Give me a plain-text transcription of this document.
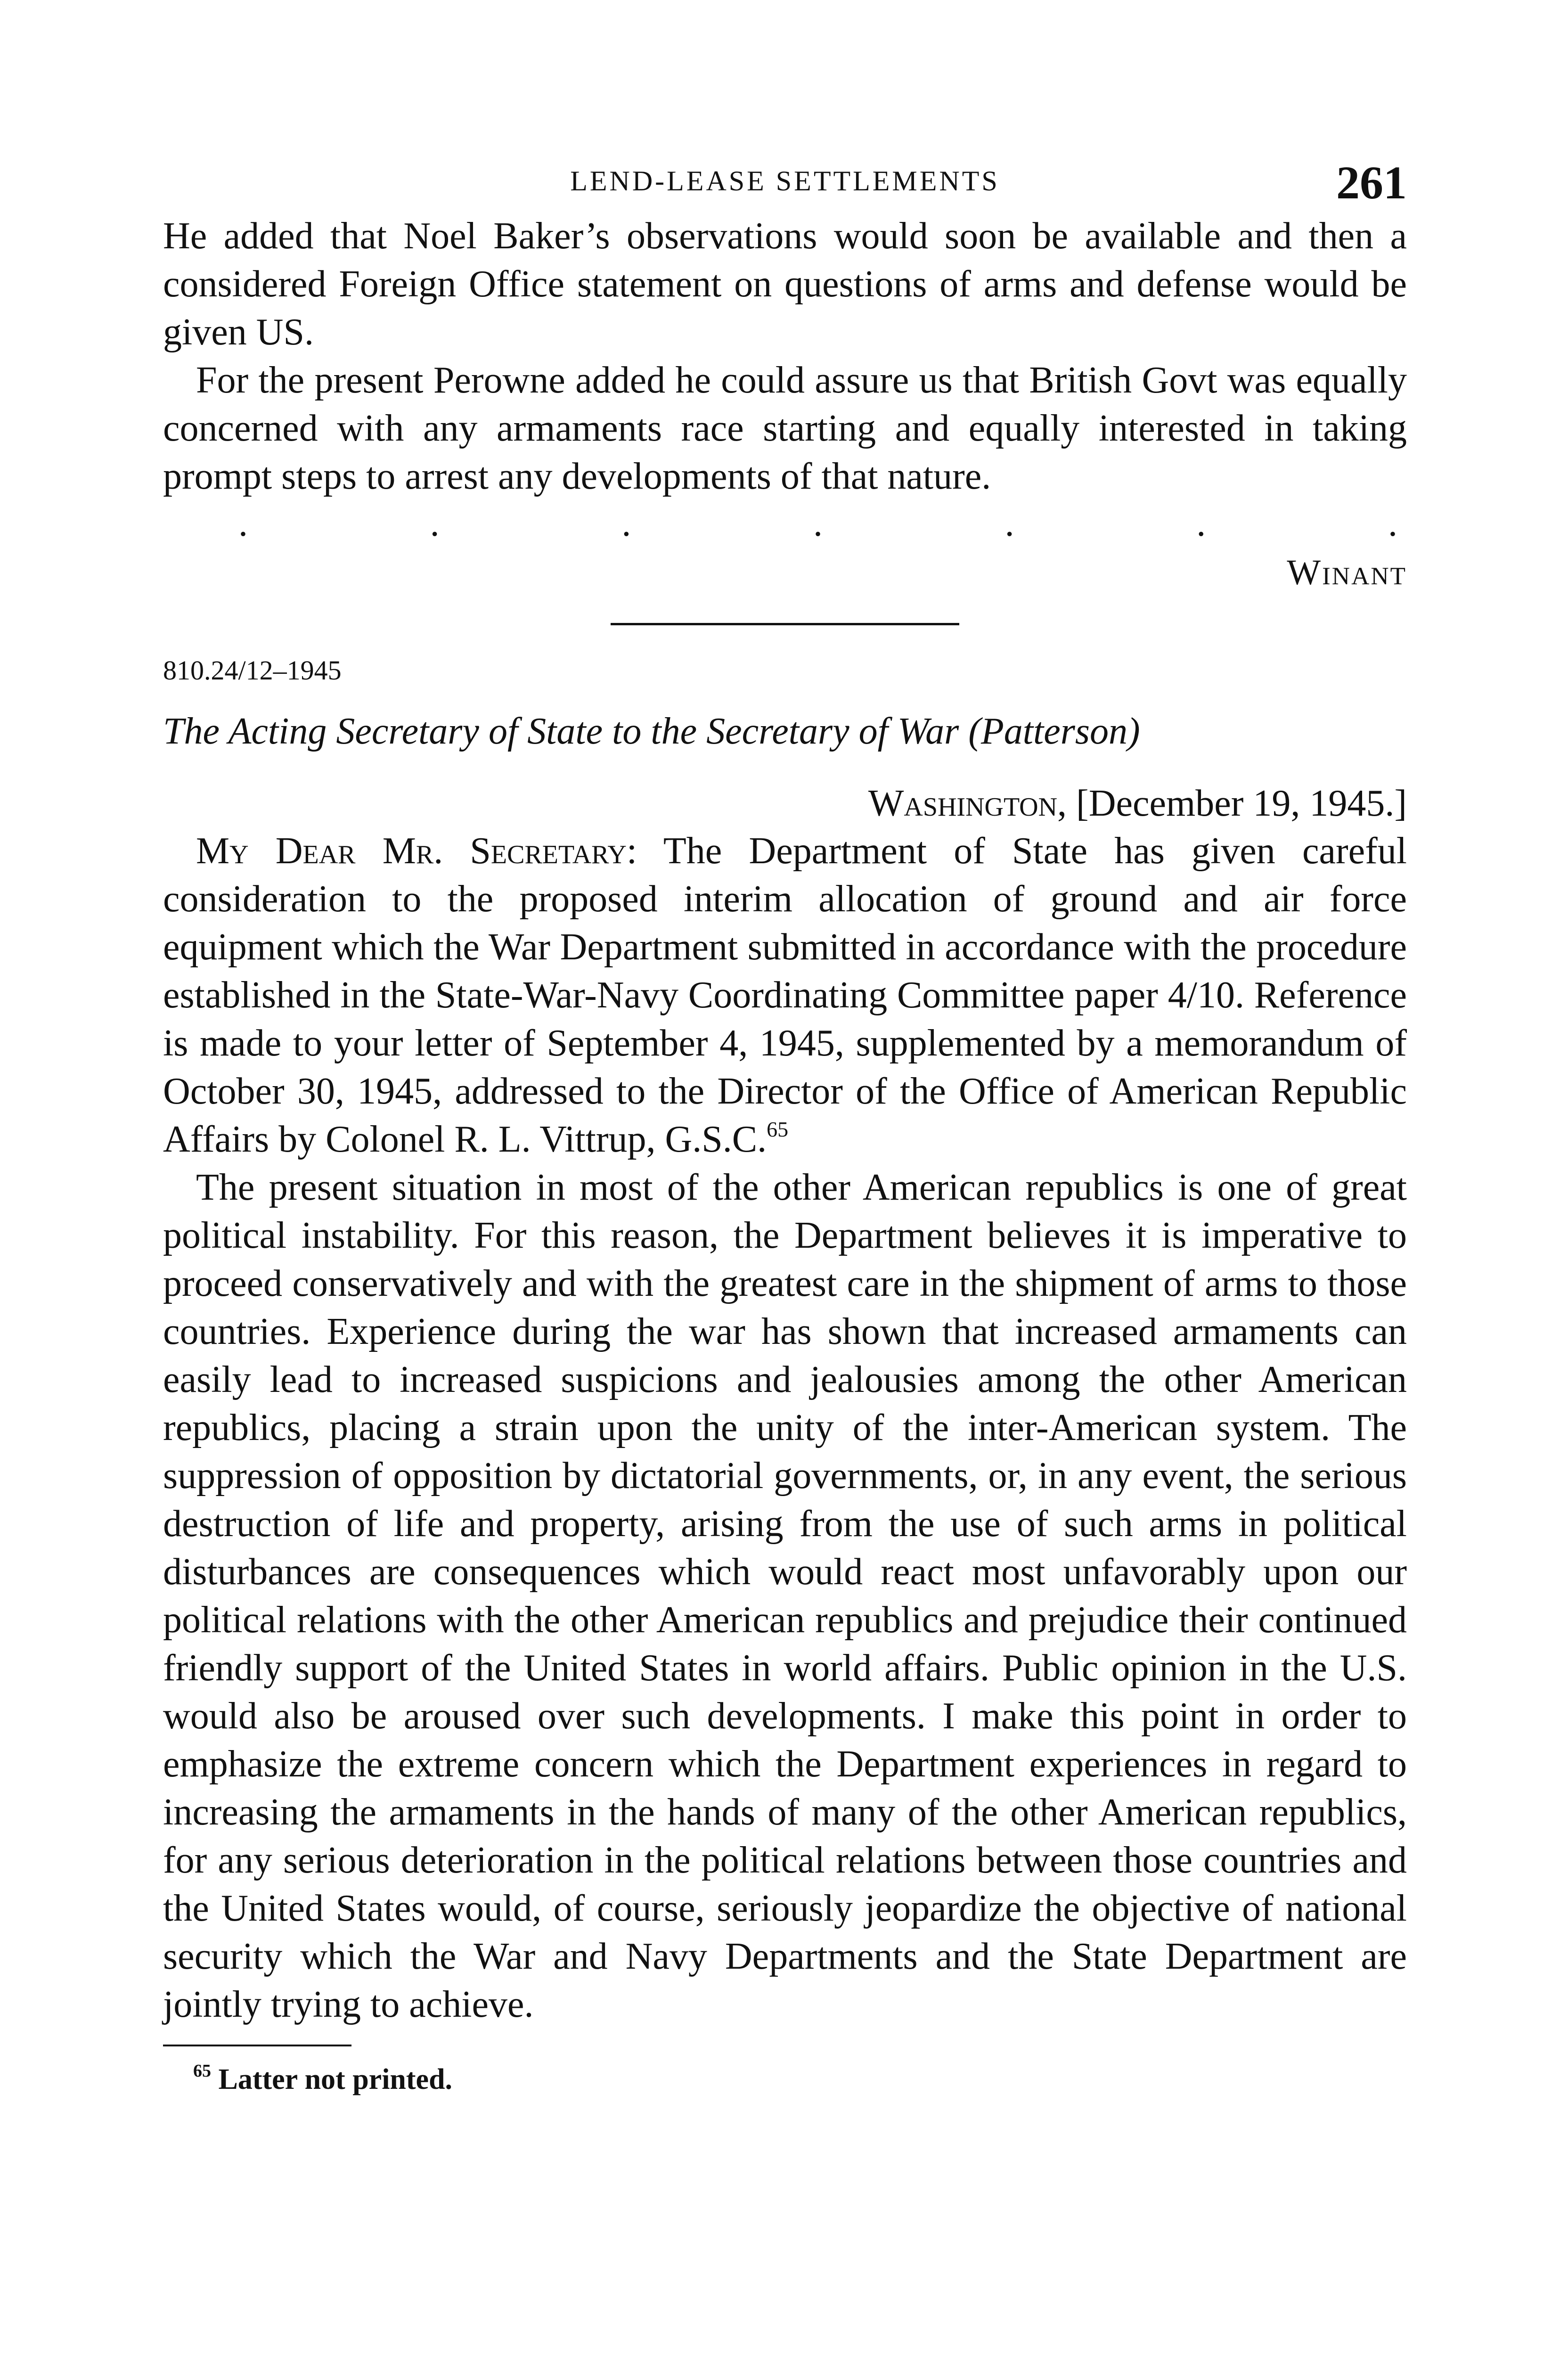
LEND-LEASE SETTLEMENTS	261

He added that Noel Baker’s observations would soon be available and then a considered Foreign Office statement on questions of arms and defense would be given US.

For the present Perowne added he could assure us that British Govt was equally concerned with any armaments race starting and equally interested in taking prompt steps to arrest any developments of that nature.

.	.	.	.	.	.	.
Winant
810.24/12–1945
The Acting Secretary of State to the Secretary of War (Patterson)
Washington, [December 19, 1945.]

My Dear Mr. Secretary: The Department of State has given careful consideration to the proposed interim allocation of ground and air force equipment which the War Department submitted in accordance with the procedure established in the State-War-Navy Coordinating Committee paper 4/10. Reference is made to your letter of September 4, 1945, supplemented by a memorandum of October 30, 1945, addressed to the Director of the Office of American Republic Affairs by Colonel R. L. Vittrup, G.S.C.$^{65}$

The present situation in most of the other American republics is one of great political instability. For this reason, the Department believes it is imperative to proceed conservatively and with the greatest care in the shipment of arms to those countries. Experience during the war has shown that increased armaments can easily lead to increased suspicions and jealousies among the other American republics, placing a strain upon the unity of the inter-American system. The suppression of opposition by dictatorial governments, or, in any event, the serious destruction of life and property, arising from the use of such arms in political disturbances are consequences which would react most unfavorably upon our political relations with the other American republics and prejudice their continued friendly support of the United States in world affairs. Public opinion in the U.S. would also be aroused over such developments. I make this point in order to emphasize the extreme concern which the Department experiences in regard to increasing the armaments in the hands of many of the other American republics, for any serious deterioration in the political relations between those countries and the United States would, of course, seriously jeopardize the objective of national security which the War and Navy Departments and the State Department are jointly trying to achieve.

$^{65}$ Latter not printed.
